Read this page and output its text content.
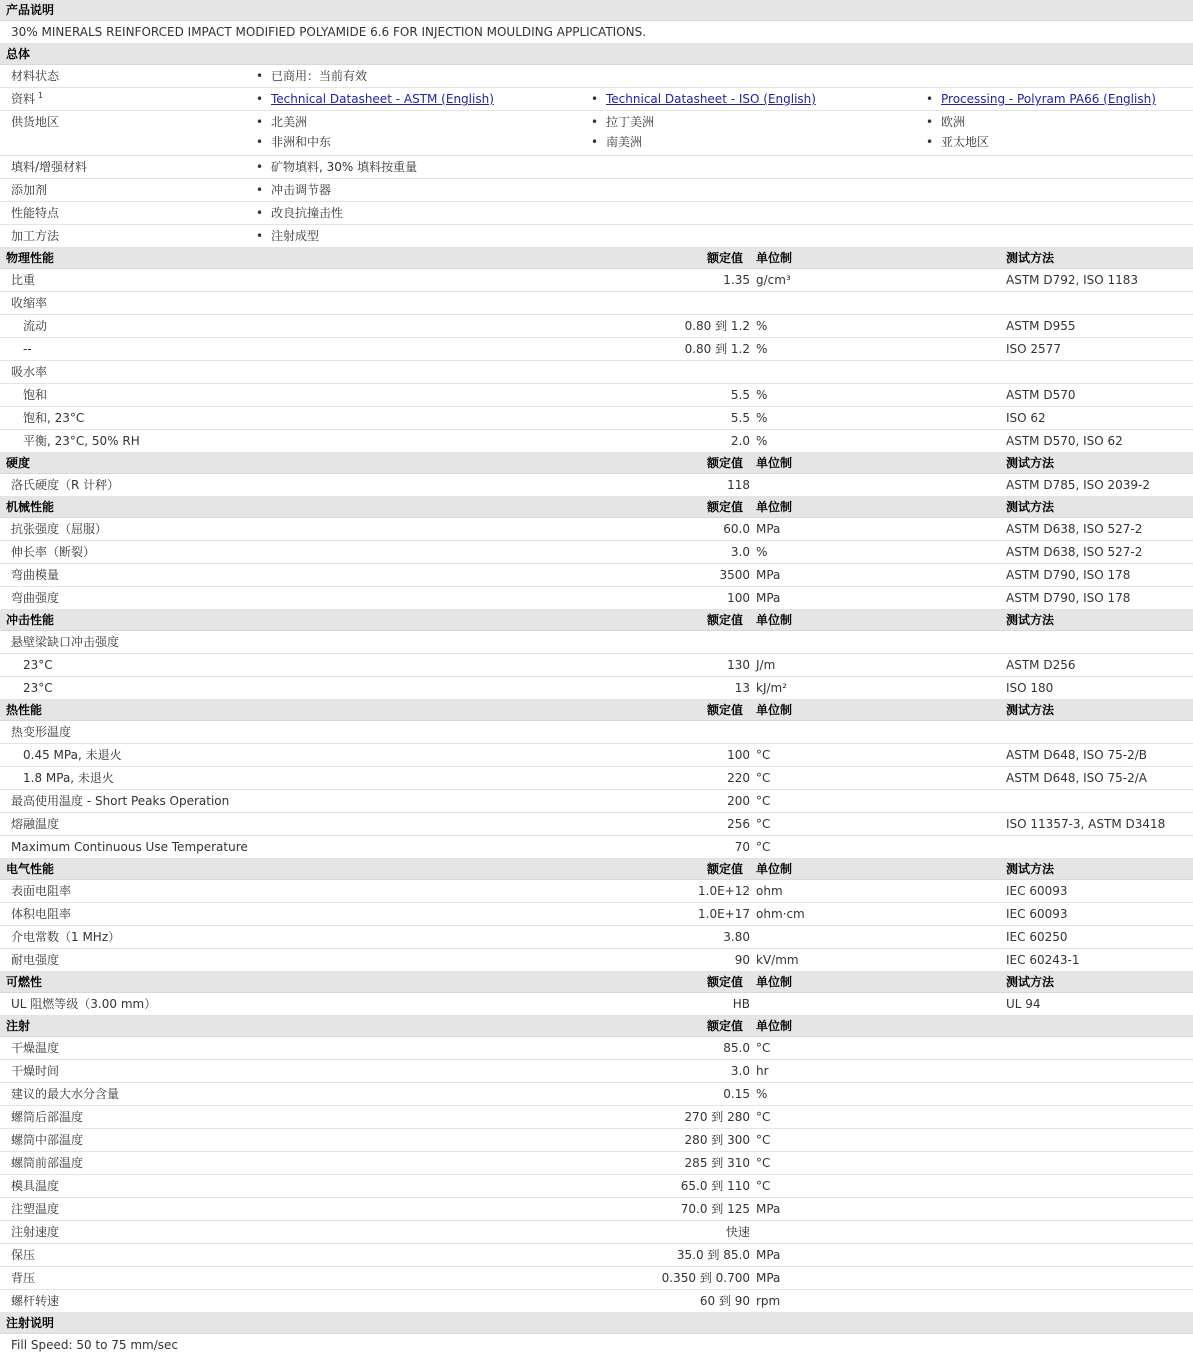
产品说明
30% MINERALS REINFORCED IMPACT MODIFIED POLYAMIDE 6.6 FOR INJECTION MOULDING APPLICATIONS.
总体
材料状态	• 已商用：当前有效
资料 $^1$	• Technical Datasheet - ASTM (English)	• Technical Datasheet - ISO (English)	• Processing - Polyram PA66 (English)
供货地区	• 北美洲	• 拉丁美洲	• 欧洲
• 非洲和中东	• 南美洲	• 亚太地区
填料/增强材料	• 矿物填料, 30% 填料按重量
添加剂	• 冲击调节器
性能特点	• 改良抗撞击性
加工方法	• 注射成型
物理性能	额定值 单位制	测试方法
比重	1.35 g/cm³	ASTM D792, ISO 1183
收缩率
流动	0.80 到 1.2 %	ASTM D955
--	0.80 到 1.2 %	ISO 2577
吸水率
饱和	5.5 %	ASTM D570
饱和, 23°C	5.5 %	ISO 62
平衡, 23°C, 50% RH	2.0 %	ASTM D570, ISO 62
硬度	额定值 单位制	测试方法
洛氏硬度（R 计秤）	118	ASTM D785, ISO 2039-2
机械性能	额定值 单位制	测试方法
抗张强度（屈服）	60.0 MPa	ASTM D638, ISO 527-2
伸长率（断裂）	3.0 %	ASTM D638, ISO 527-2
弯曲模量	3500 MPa	ASTM D790, ISO 178
弯曲强度	100 MPa	ASTM D790, ISO 178
冲击性能	额定值 单位制	测试方法
悬壁梁缺口冲击强度
23°C	130 J/m	ASTM D256
23°C	13 kJ/m²	ISO 180
热性能	额定值 单位制	测试方法
热变形温度
0.45 MPa, 未退火	100 °C	ASTM D648, ISO 75-2/B
1.8 MPa, 未退火	220 °C	ASTM D648, ISO 75-2/A
最高使用温度 - Short Peaks Operation	200 °C
熔融温度	256 °C	ISO 11357-3, ASTM D3418
Maximum Continuous Use Temperature	70 °C
电气性能	额定值 单位制	测试方法
表面电阻率	1.0E+12 ohm	IEC 60093
体积电阻率	1.0E+17 ohm·cm	IEC 60093
介电常数（1 MHz）	3.80	IEC 60250
耐电强度	90 kV/mm	IEC 60243-1
可燃性	额定值 单位制	测试方法
UL 阻燃等级（3.00 mm）	HB	UL 94
注射	额定值 单位制
干燥温度	85.0 °C
干燥时间	3.0 hr
建议的最大水分含量	0.15 %
螺筒后部温度	270 到 280 °C
螺筒中部温度	280 到 300 °C
螺筒前部温度	285 到 310 °C
模具温度	65.0 到 110 °C
注塑温度	70.0 到 125 MPa
注射速度	快速
保压	35.0 到 85.0 MPa
背压	0.350 到 0.700 MPa
螺杆转速	60 到 90 rpm
注射说明
Fill Speed: 50 to 75 mm/sec
